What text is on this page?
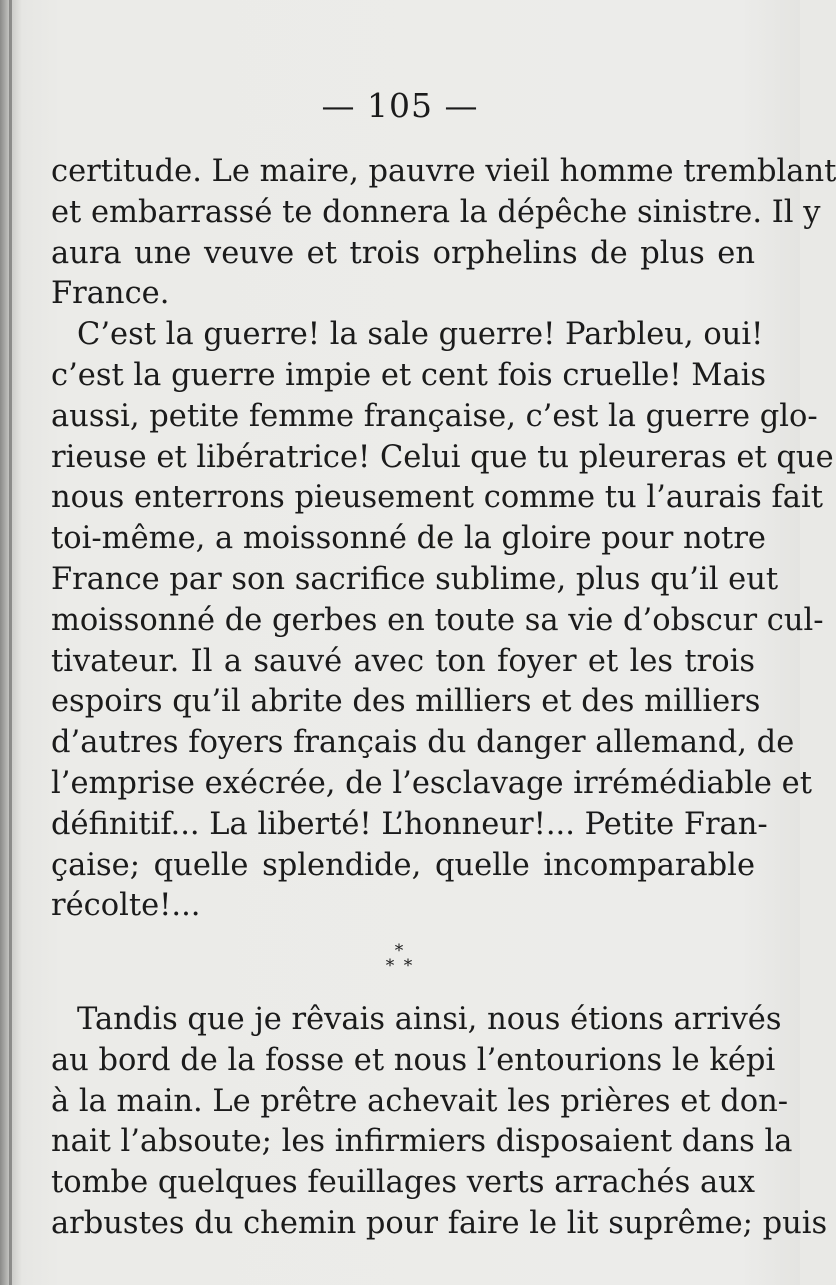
— 105 —
certitude. Le maire, pauvre vieil homme tremblant
et embarrassé te donnera la dépêche sinistre. Il y
aura une veuve et trois orphelins de plus en
France.
C’est la guerre! la sale guerre! Parbleu, oui!
c’est la guerre impie et cent fois cruelle! Mais
aussi, petite femme française, c’est la guerre glo-
rieuse et libératrice! Celui que tu pleureras et que
nous enterrons pieusement comme tu l’aurais fait
toi-même, a moissonné de la gloire pour notre
France par son sacrifice sublime, plus qu’il eut
moissonné de gerbes en toute sa vie d’obscur cul-
tivateur. Il a sauvé avec ton foyer et les trois
espoirs qu’il abrite des milliers et des milliers
d’autres foyers français du danger allemand, de
l’emprise exécrée, de l’esclavage irrémédiable et
définitif... La liberté! L’honneur!... Petite Fran-
çaise; quelle splendide, quelle incomparable
récolte!...
*
* *
Tandis que je rêvais ainsi, nous étions arrivés
au bord de la fosse et nous l’entourions le képi
à la main. Le prêtre achevait les prières et don-
nait l’absoute; les infirmiers disposaient dans la
tombe quelques feuillages verts arrachés aux
arbustes du chemin pour faire le lit suprême; puis
